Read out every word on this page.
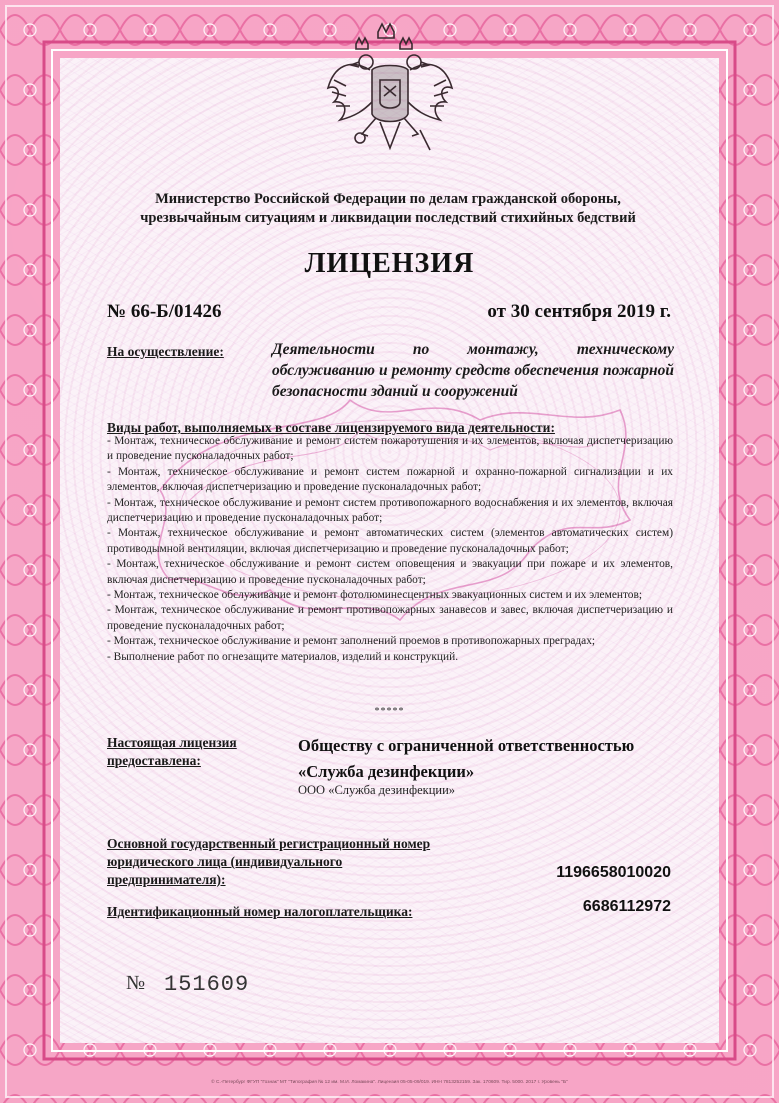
Министерство Российской Федерации по делам гражданской обороны,
чрезвычайным ситуациям и ликвидации последствий стихийных бедствий
ЛИЦЕНЗИЯ
№ 66-Б/01426	от 30 сентября 2019 г.
На осуществление:	Деятельности по монтажу, техническому обслуживанию и ремонту средств обеспечения пожарной безопасности зданий и сооружений
Виды работ, выполняемых в составе лицензируемого вида деятельности:
- Монтаж, техническое обслуживание и ремонт систем пожаротушения и их элементов, включая диспетчеризацию и проведение пусконаладочных работ;
- Монтаж, техническое обслуживание и ремонт систем пожарной и охранно-пожарной сигнализации и их элементов, включая диспетчеризацию и проведение пусконаладочных работ;
- Монтаж, техническое обслуживание и ремонт систем противопожарного водоснабжения и их элементов, включая диспетчеризацию и проведение пусконаладочных работ;
- Монтаж, техническое обслуживание и ремонт автоматических систем (элементов автоматических систем) противодымной вентиляции, включая диспетчеризацию и проведение пусконаладочных работ;
- Монтаж, техническое обслуживание и ремонт систем оповещения и эвакуации при пожаре и их элементов, включая диспетчеризацию и проведение пусконаладочных работ;
- Монтаж, техническое обслуживание и ремонт фотолюминесцентных эвакуационных систем и их элементов;
- Монтаж, техническое обслуживание и ремонт противопожарных занавесов и завес, включая диспетчеризацию и проведение пусконаладочных работ;
- Монтаж, техническое обслуживание и ремонт заполнений проемов в противопожарных преградах;
- Выполнение работ по огнезащите материалов, изделий и конструкций.
*****
Настоящая лицензия предоставлена:
Обществу с ограниченной ответственностью
«Служба дезинфекции»
ООО «Служба дезинфекции»
Основной государственный регистрационный номер юридического лица (индивидуального предпринимателя):	1196658010020
Идентификационный номер налогоплательщика:	6686112972
№ 151609
© С.-Петербург ФГУП "Гознак" МТ "Типография № 12 им. М.И. Ломакина". Лицензия 05-05-09/019. ИНН 7813252159. Зак. 170609. Тир. 5000. 2017 г. Уровень "Б"
